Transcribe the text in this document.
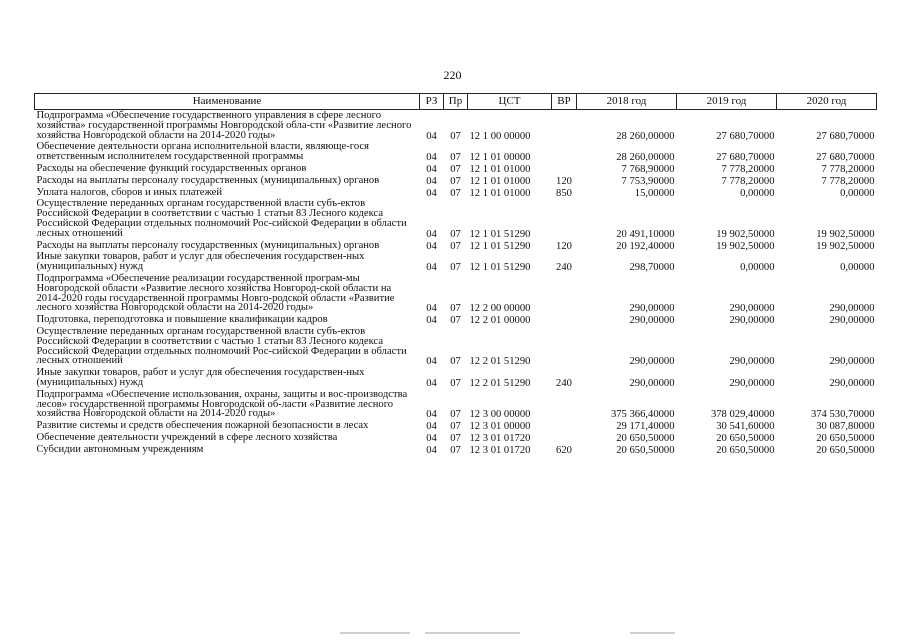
220
Наименование	РЗ	Пр	ЦСТ	ВР	2018 год	2019 год	2020 год
Подпрограмма «Обеспечение государственного управления в сфере лесного хозяйства» государственной программы Новгородской обла-сти «Развитие лесного хозяйства Новгородской области на 2014-2020 годы»	04	07	12 1 00 00000		28 260,00000	27 680,70000	27 680,70000
Обеспечение деятельности органа исполнительной власти, являюще-гося ответственным исполнителем государственной программы	04	07	12 1 01 00000		28 260,00000	27 680,70000	27 680,70000
Расходы на обеспечение функций государственных органов	04	07	12 1 01 01000		7 768,90000	7 778,20000	7 778,20000
Расходы на выплаты персоналу государственных (муниципальных) органов	04	07	12 1 01 01000	120	7 753,90000	7 778,20000	7 778,20000
Уплата налогов, сборов и иных платежей	04	07	12 1 01 01000	850	15,00000	0,00000	0,00000
Осуществление переданных органам государственной власти субъ-ектов Российской Федерации в соответствии с частью 1 статьи 83 Лесного кодекса Российской Федерации отдельных полномочий Рос-сийской Федерации в области лесных отношений	04	07	12 1 01 51290		20 491,10000	19 902,50000	19 902,50000
Расходы на выплаты персоналу государственных (муниципальных) органов	04	07	12 1 01 51290	120	20 192,40000	19 902,50000	19 902,50000
Иные закупки товаров, работ и услуг для обеспечения государствен-ных (муниципальных) нужд	04	07	12 1 01 51290	240	298,70000	0,00000	0,00000
Подпрограмма «Обеспечение реализации государственной програм-мы Новгородской области «Развитие лесного хозяйства Новгород-ской области на 2014-2020 годы государственной программы Новго-родской области «Развитие лесного хозяйства Новгородской области на 2014-2020 годы»	04	07	12 2 00 00000		290,00000	290,00000	290,00000
Подготовка, переподготовка и повышение квалификации кадров	04	07	12 2 01 00000		290,00000	290,00000	290,00000
Осуществление переданных органам государственной власти субъ-ектов Российской Федерации в соответствии с частью 1 статьи 83 Лесного кодекса Российской Федерации отдельных полномочий Рос-сийской Федерации в области лесных отношений	04	07	12 2 01 51290		290,00000	290,00000	290,00000
Иные закупки товаров, работ и услуг для обеспечения государствен-ных (муниципальных) нужд	04	07	12 2 01 51290	240	290,00000	290,00000	290,00000
Подпрограмма «Обеспечение использования, охраны, защиты и вос-производства лесов» государственной программы Новгородской об-ласти «Развитие лесного хозяйства Новгородской области на 2014-2020 годы»	04	07	12 3 00 00000		375 366,40000	378 029,40000	374 530,70000
Развитие системы и средств обеспечения пожарной безопасности в лесах	04	07	12 3 01 00000		29 171,40000	30 541,60000	30 087,80000
Обеспечение деятельности учреждений в сфере лесного хозяйства	04	07	12 3 01 01720		20 650,50000	20 650,50000	20 650,50000
Субсидии автономным учреждениям	04	07	12 3 01 01720	620	20 650,50000	20 650,50000	20 650,50000
